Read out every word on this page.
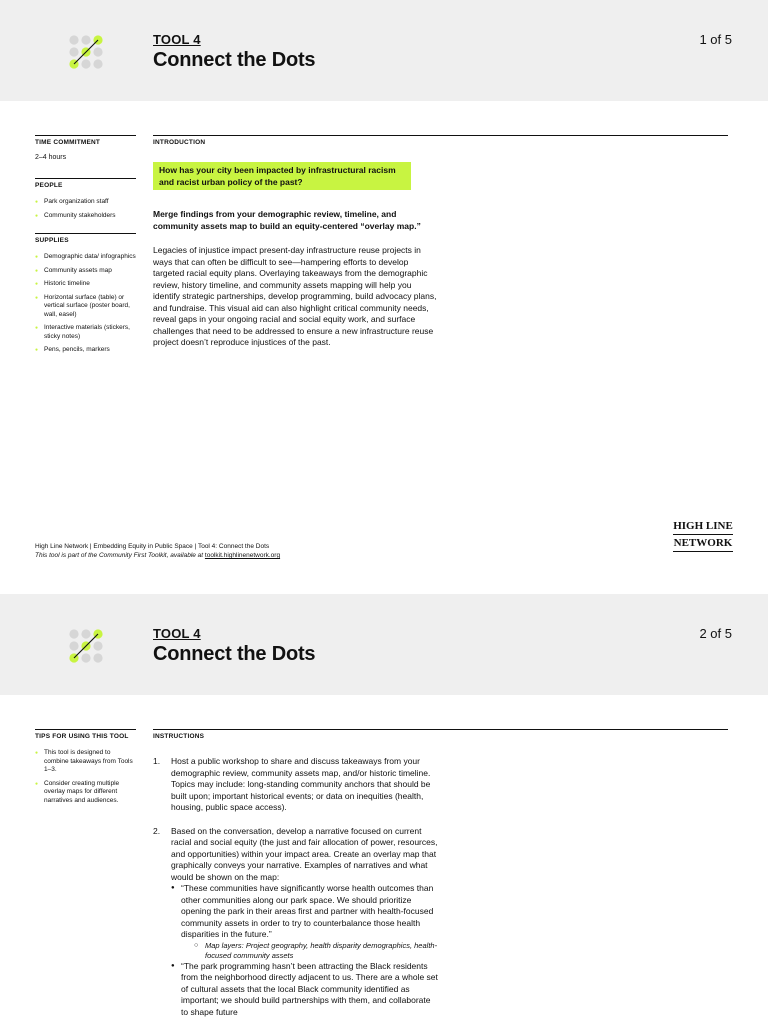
TOOL 4
Connect the Dots
1 of 5
TIME COMMITMENT
2–4 hours
PEOPLE
● Park organization staff
● Community stakeholders
SUPPLIES
● Demographic data/ infographics
● Community assets map
● Historic timeline
● Horizontal surface (table) or vertical surface (poster board, wall, easel)
● Interactive materials (stickers, sticky notes)
● Pens, pencils, markers
INTRODUCTION
How has your city been impacted by infrastructural racism and racist urban policy of the past?
Merge findings from your demographic review, timeline, and community assets map to build an equity-centered “overlay map.”
Legacies of injustice impact present-day infrastructure reuse projects in ways that can often be difficult to see—hampering efforts to develop targeted racial equity plans. Overlaying takeaways from the demographic review, history timeline, and community assets mapping will help you identify strategic partnerships, develop programming, build advocacy plans, and fundraise. This visual aid can also highlight critical community needs, reveal gaps in your ongoing racial and social equity work, and surface challenges that need to be addressed to ensure a new infrastructure reuse project doesn’t reproduce injustices of the past.
High Line Network | Embedding Equity in Public Space | Tool 4: Connect the Dots
This tool is part of the Community First Toolkit, available at toolkit.highlinenetwork.org
HIGH LINE
NETWORK
TOOL 4
Connect the Dots
2 of 5
TIPS FOR USING THIS TOOL
● This tool is designed to combine takeaways from Tools 1–3.
● Consider creating multiple overlay maps for different narratives and audiences.
INSTRUCTIONS
1.	Host a public workshop to share and discuss takeaways from your demographic review, community assets map, and/or historic timeline. Topics may include: long-standing community anchors that should be built upon; important historical events; or data on inequities (health, housing, public space access).
2.	Based on the conversation, develop a narrative focused on current racial and social equity (the just and fair allocation of power, resources, and opportunities) within your impact area. Create an overlay map that graphically conveys your narrative. Examples of narratives and what would be shown on the map:
● “These communities have significantly worse health outcomes than other communities along our park space. We should prioritize opening the park in their areas first and partner with health-focused community assets in order to try to counterbalance those health disparities in the future.”
○ Map layers: Project geography, health disparity demographics, health-focused community assets
● “The park programming hasn’t been attracting the Black residents from the neighborhood directly adjacent to us. There are a whole set of cultural assets that the local Black community identified as important; we should build partnerships with them, and collaborate to shape future
